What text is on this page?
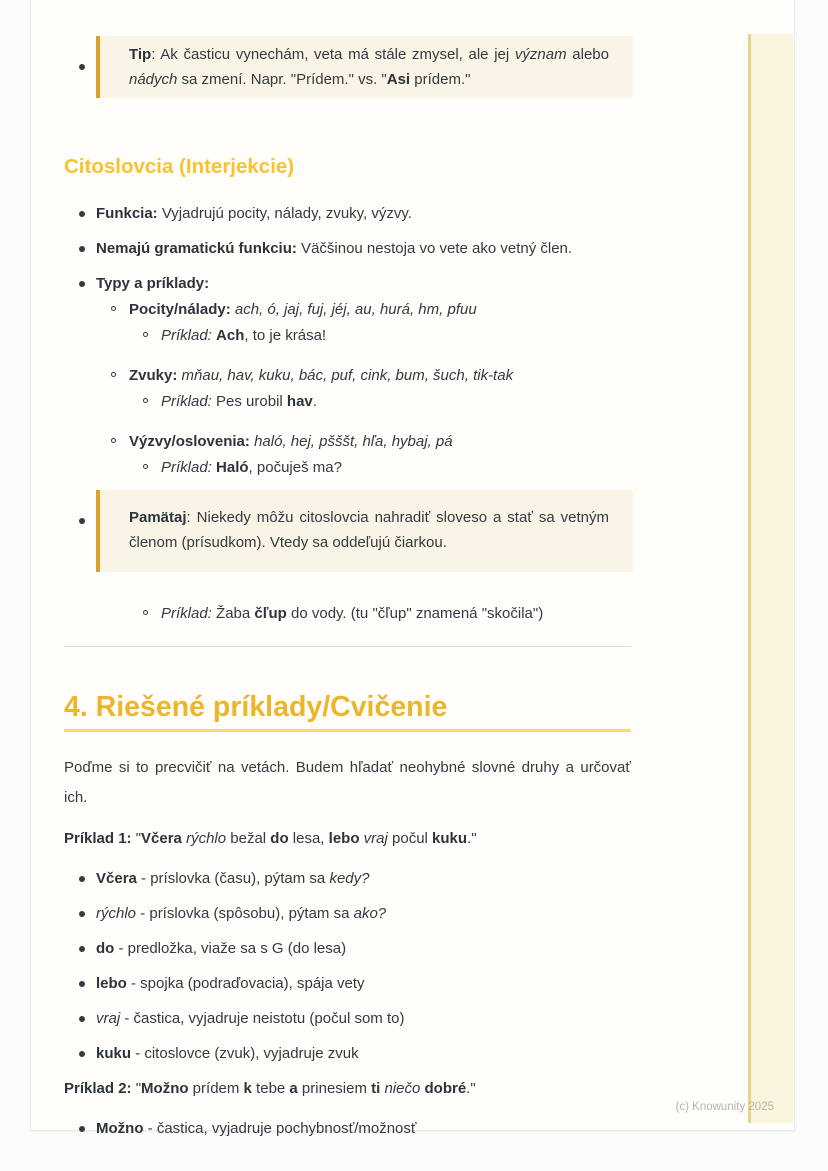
Tip: Ak časticu vynechám, veta má stále zmysel, ale jej význam alebo nádych sa zmení. Napr. "Prídem." vs. "Asi prídem."
Citoslovcia (Interjekcie)
Funkcia: Vyjadrujú pocity, nálady, zvuky, výzvy.
Nemajú gramatickú funkciu: Väčšinou nestoja vo vete ako vetný člen.
Typy a príklady:
Pocity/nálady: ach, ó, jaj, fuj, jéj, au, hurá, hm, pfuu
Príklad: Ach, to je krása!
Zvuky: mňau, hav, kuku, bác, puf, cink, bum, šuch, tik-tak
Príklad: Pes urobil hav.
Výzvy/oslovenia: haló, hej, pšššt, hľa, hybaj, pá
Príklad: Haló, počuješ ma?
Pamätaj: Niekedy môžu citoslovcia nahradiť sloveso a stať sa vetným členom (prísudkom). Vtedy sa oddeľujú čiarkou.
Príklad: Žaba čľup do vody. (tu "čľup" znamená "skočila")
4. Riešené príklady/Cvičenie

Poďme si to precvičiť na vetách. Budem hľadať neohybné slovné druhy a určovať ich.

Príklad 1: "Včera rýchlo bežal do lesa, lebo vraj počul kuku."

Včera - príslovka (času), pýtam sa kedy?
rýchlo - príslovka (spôsobu), pýtam sa ako?
do - predložka, viaže sa s G (do lesa)
lebo - spojka (podraďovacia), spája vety
vraj - častica, vyjadruje neistotu (počul som to)
kuku - citoslovce (zvuk), vyjadruje zvuk

Príklad 2: "Možno prídem k tebe a prinesiem ti niečo dobré."

Možno - častica, vyjadruje pochybnosť/možnosť
(c) Knowunity 2025
